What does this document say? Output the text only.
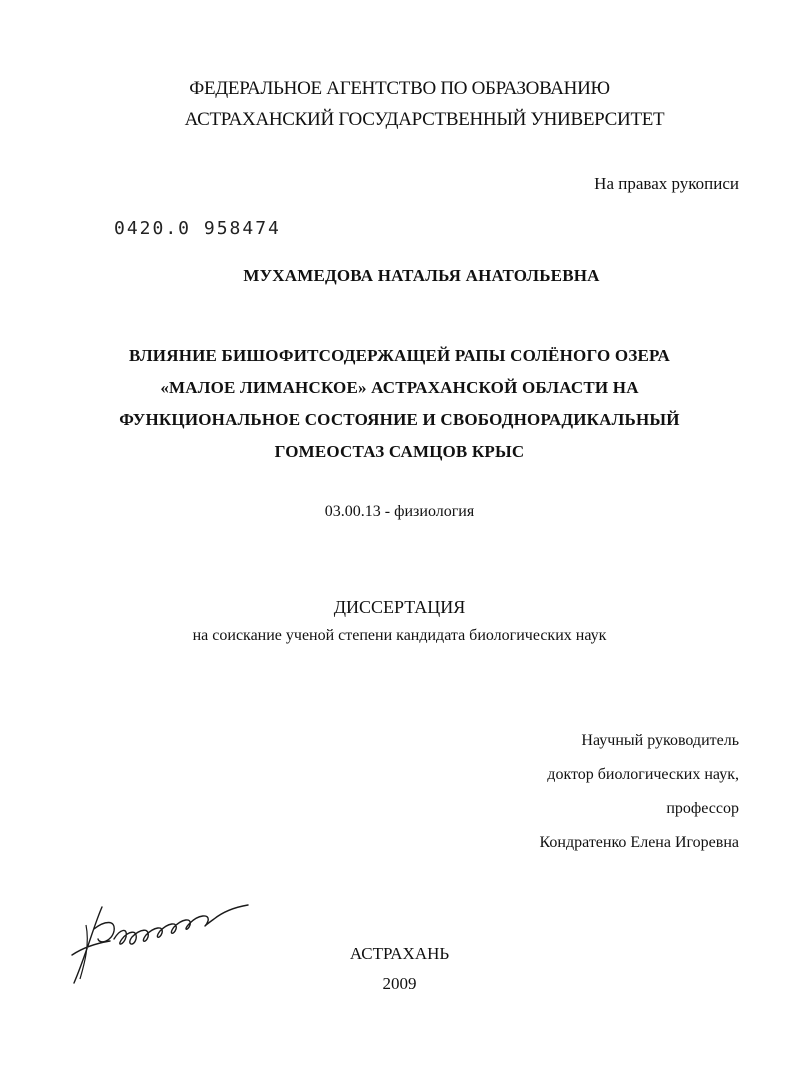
ФЕДЕРАЛЬНОЕ АГЕНТСТВО ПО ОБРАЗОВАНИЮ
АСТРАХАНСКИЙ ГОСУДАРСТВЕННЫЙ УНИВЕРСИТЕТ
На правах рукописи
0420.0 958474
МУХАМЕДОВА НАТАЛЬЯ АНАТОЛЬЕВНА
ВЛИЯНИЕ БИШОФИТСОДЕРЖАЩЕЙ РАПЫ СОЛЁНОГО ОЗЕРА
«МАЛОЕ ЛИМАНСКОЕ» АСТРАХАНСКОЙ ОБЛАСТИ НА
ФУНКЦИОНАЛЬНОЕ СОСТОЯНИЕ И СВОБОДНОРАДИКАЛЬНЫЙ
ГОМЕОСТАЗ САМЦОВ КРЫС
03.00.13 - физиология
ДИССЕРТАЦИЯ
на соискание ученой степени кандидата биологических наук
Научный руководитель
доктор биологических наук,
профессор
Кондратенко Елена Игоревна
АСТРАХАНЬ
2009
